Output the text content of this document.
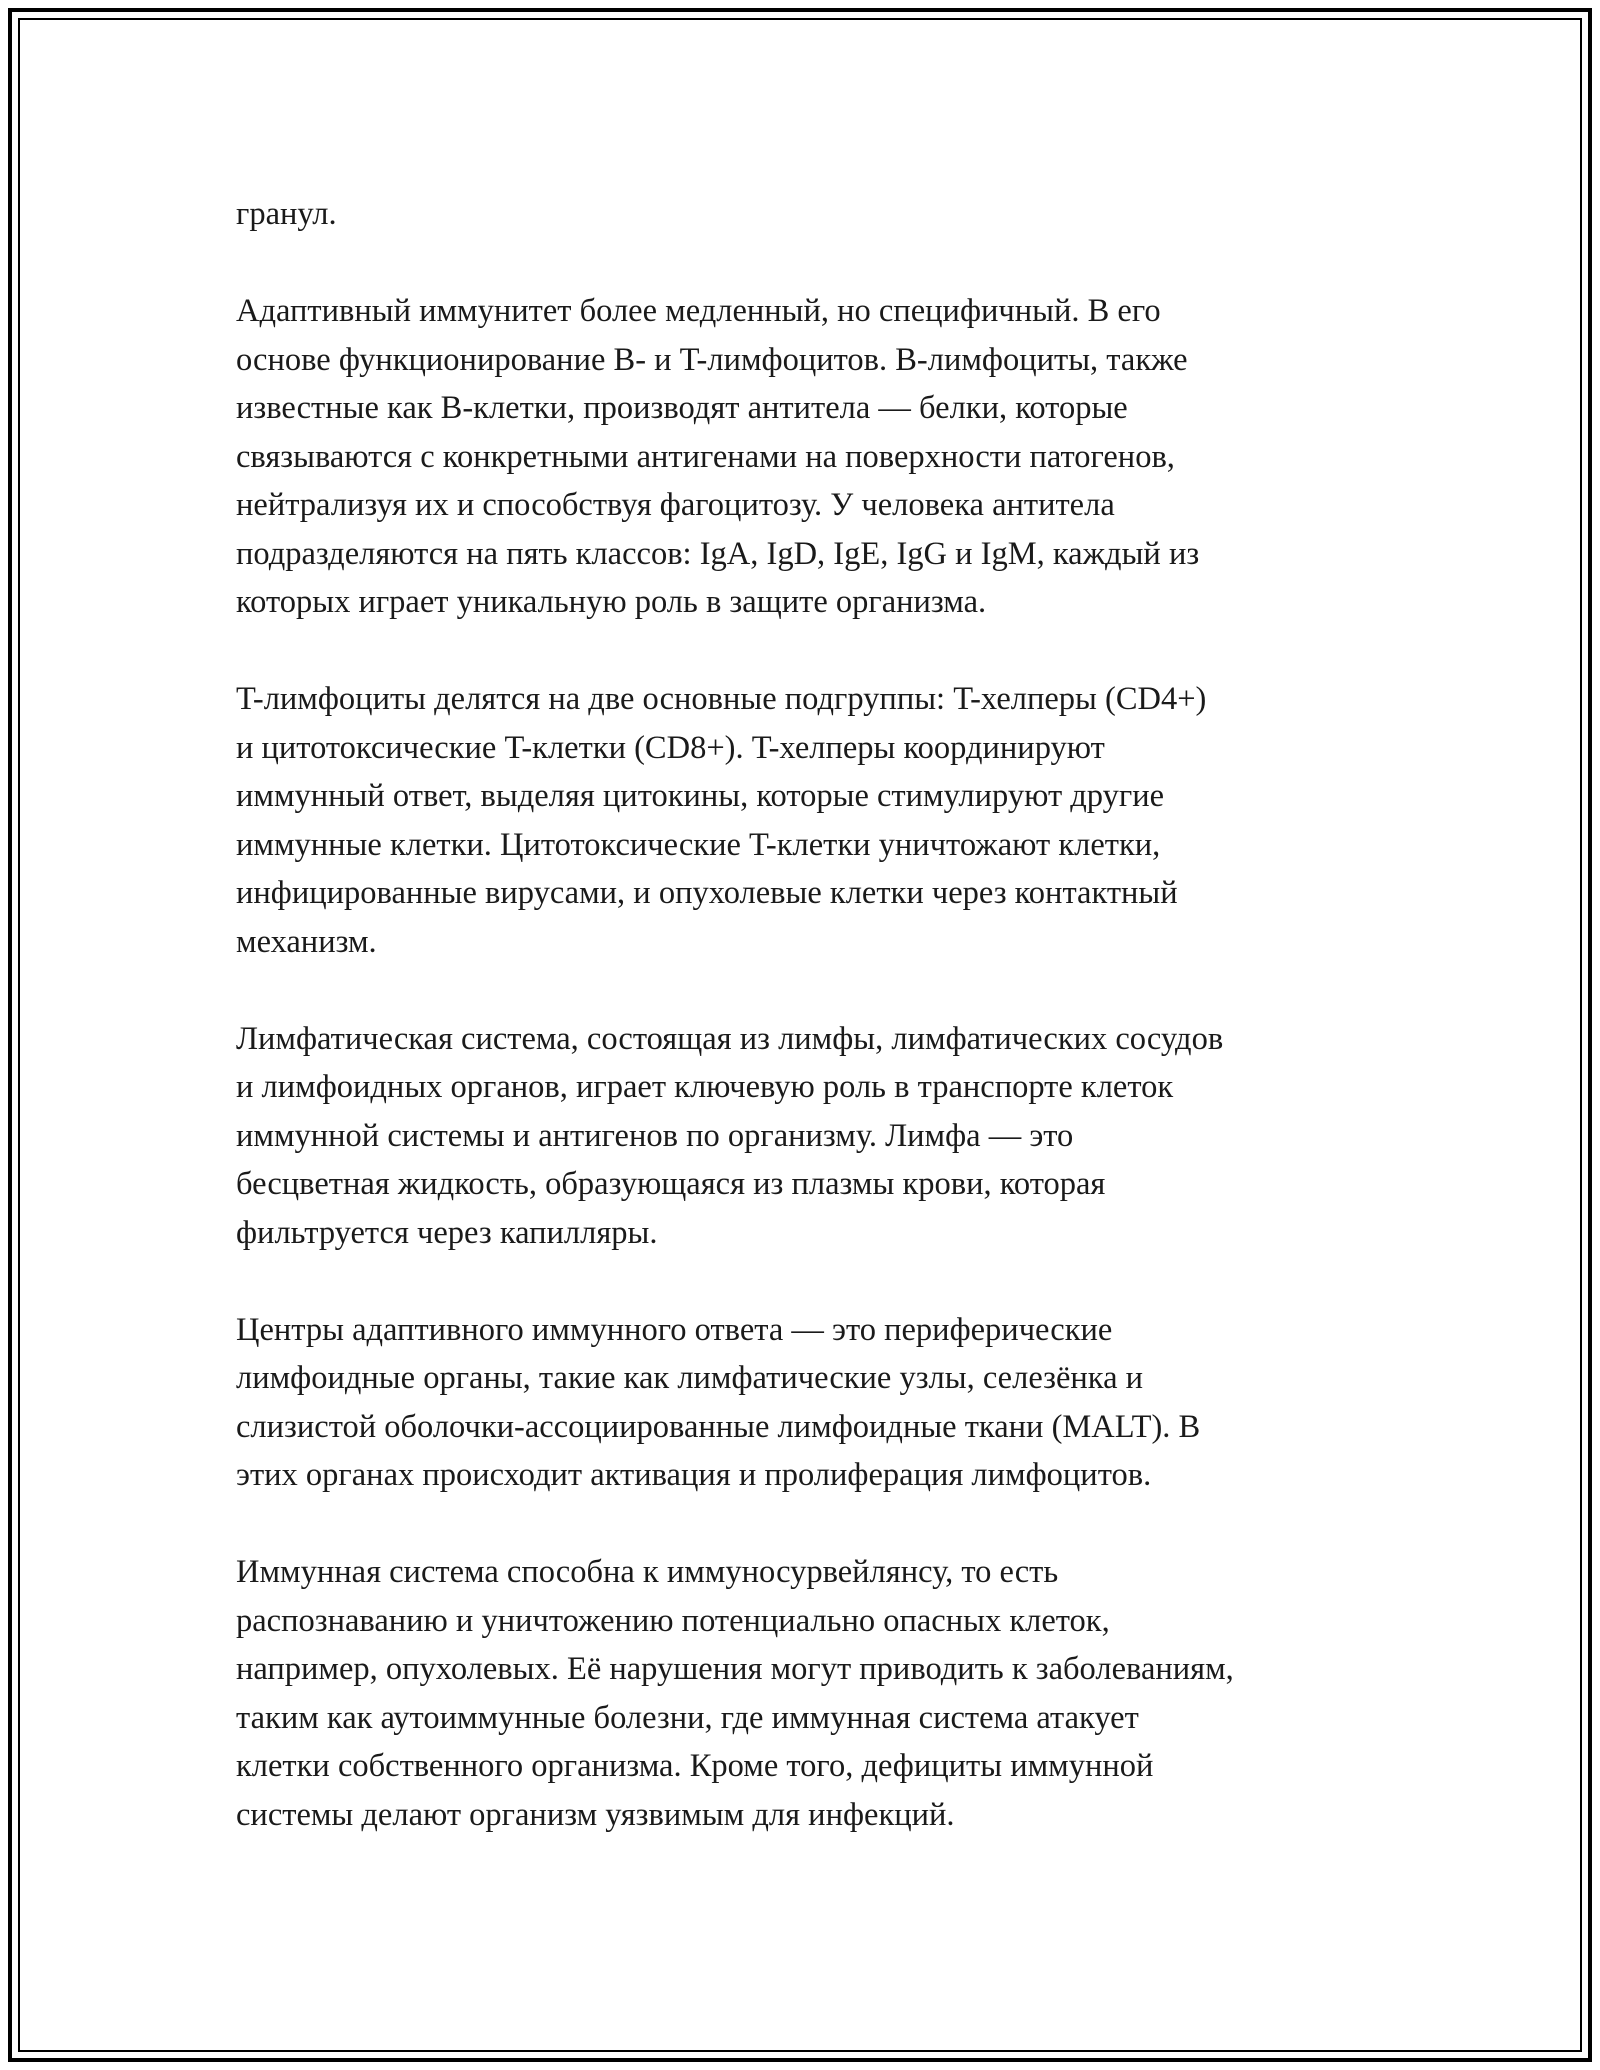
гранул.

Адаптивный иммунитет более медленный, но специфичный. В его
основе функционирование B- и T-лимфоцитов. B-лимфоциты, также
известные как B-клетки, производят антитела — белки, которые
связываются с конкретными антигенами на поверхности патогенов,
нейтрализуя их и способствуя фагоцитозу. У человека антитела
подразделяются на пять классов: IgA, IgD, IgE, IgG и IgM, каждый из
которых играет уникальную роль в защите организма.

T-лимфоциты делятся на две основные подгруппы: T-хелперы (CD4+)
и цитотоксические T-клетки (CD8+). T-хелперы координируют
иммунный ответ, выделяя цитокины, которые стимулируют другие
иммунные клетки. Цитотоксические T-клетки уничтожают клетки,
инфицированные вирусами, и опухолевые клетки через контактный
механизм.

Лимфатическая система, состоящая из лимфы, лимфатических сосудов
и лимфоидных органов, играет ключевую роль в транспорте клеток
иммунной системы и антигенов по организму. Лимфа — это
бесцветная жидкость, образующаяся из плазмы крови, которая
фильтруется через капилляры.

Центры адаптивного иммунного ответа — это периферические
лимфоидные органы, такие как лимфатические узлы, селезёнка и
слизистой оболочки-ассоциированные лимфоидные ткани (MALT). В
этих органах происходит активация и пролиферация лимфоцитов.

Иммунная система способна к иммуносурвейлянсу, то есть
распознаванию и уничтожению потенциально опасных клеток,
например, опухолевых. Её нарушения могут приводить к заболеваниям,
таким как аутоиммунные болезни, где иммунная система атакует
клетки собственного организма. Кроме того, дефициты иммунной
системы делают организм уязвимым для инфекций.
